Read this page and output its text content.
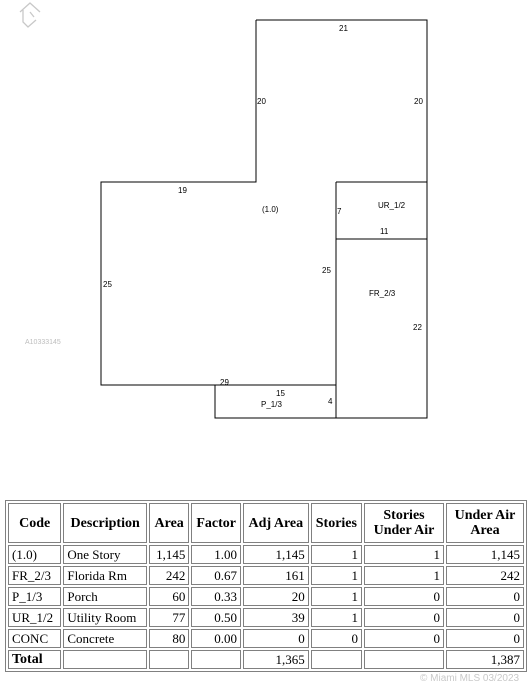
21
20	20
19
(1.0)	7
UR_1/2
11
25
25
FR_2/3
22
29
15
P_1/3	4
A10333145
Code	Description	Area	Factor	Adj Area	Stories	Stories Under Air	Under Air Area
(1.0)	One Story	1,145	1.00	1,145	1	1	1,145
FR_2/3	Florida Rm	242	0.67	161	1	1	242
P_1/3	Porch	60	0.33	20	1	0	0
UR_1/2	Utility Room	77	0.50	39	1	0	0
CONC	Concrete	80	0.00	0	0	0	0
Total				1,365			1,387
© Miami MLS 03/2023
